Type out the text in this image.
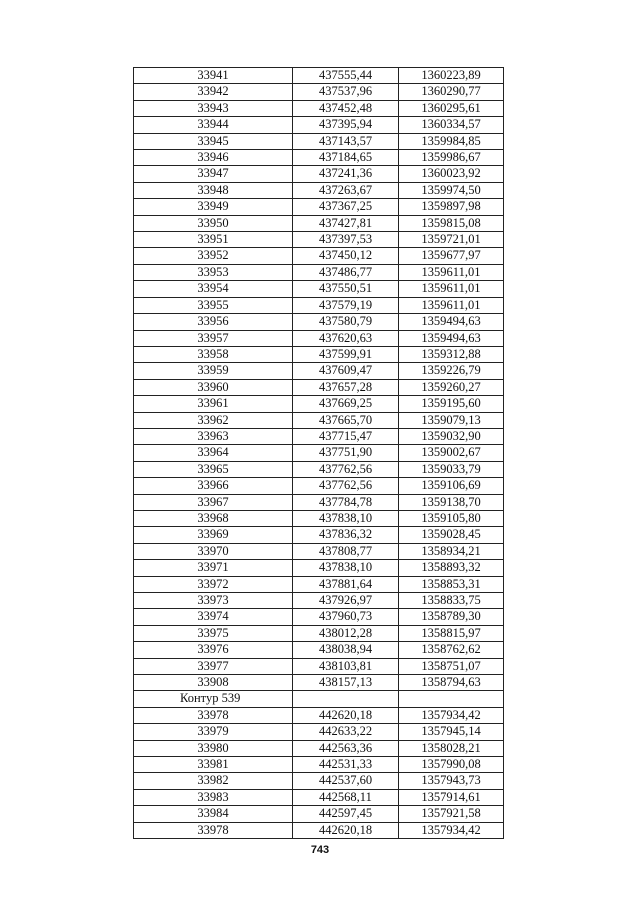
33941	437555,44	1360223,89
33942	437537,96	1360290,77
33943	437452,48	1360295,61
33944	437395,94	1360334,57
33945	437143,57	1359984,85
33946	437184,65	1359986,67
33947	437241,36	1360023,92
33948	437263,67	1359974,50
33949	437367,25	1359897,98
33950	437427,81	1359815,08
33951	437397,53	1359721,01
33952	437450,12	1359677,97
33953	437486,77	1359611,01
33954	437550,51	1359611,01
33955	437579,19	1359611,01
33956	437580,79	1359494,63
33957	437620,63	1359494,63
33958	437599,91	1359312,88
33959	437609,47	1359226,79
33960	437657,28	1359260,27
33961	437669,25	1359195,60
33962	437665,70	1359079,13
33963	437715,47	1359032,90
33964	437751,90	1359002,67
33965	437762,56	1359033,79
33966	437762,56	1359106,69
33967	437784,78	1359138,70
33968	437838,10	1359105,80
33969	437836,32	1359028,45
33970	437808,77	1358934,21
33971	437838,10	1358893,32
33972	437881,64	1358853,31
33973	437926,97	1358833,75
33974	437960,73	1358789,30
33975	438012,28	1358815,97
33976	438038,94	1358762,62
33977	438103,81	1358751,07
33908	438157,13	1358794,63
Контур 539		
33978	442620,18	1357934,42
33979	442633,22	1357945,14
33980	442563,36	1358028,21
33981	442531,33	1357990,08
33982	442537,60	1357943,73
33983	442568,11	1357914,61
33984	442597,45	1357921,58
33978	442620,18	1357934,42
743
